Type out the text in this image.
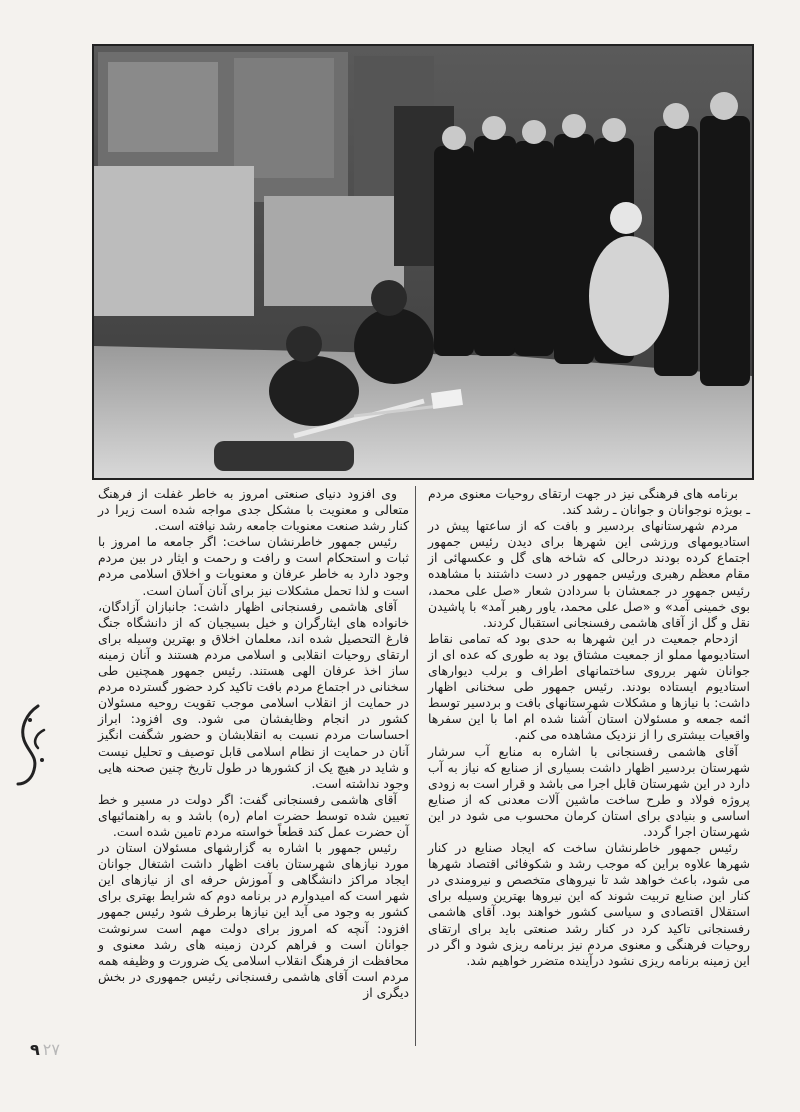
برنامه های فرهنگی نیز در جهت ارتقای روحیات معنوی مردم ـ بویژه نوجوانان و جوانان ـ رشد کند.

مردم شهرستانهای بردسیر و بافت که از ساعتها پیش در استادیومهای ورزشی این شهرها برای دیدن رئیس جمهور اجتماع کرده بودند درحالی که شاخه های گل و عکسهائی از مقام معظم رهبری ورئیس جمهور در دست داشتند با مشاهده رئیس جمهور در جمعشان با سردادن شعار «صل علی محمد، بوی خمینی آمد» و «صل علی محمد، یاور رهبر آمد» با پاشیدن نقل و گل از آقای هاشمی رفسنجانی استقبال کردند.

ازدحام جمعیت در این شهرها به حدی بود که تمامی نقاط استادیومها مملو از جمعیت مشتاق بود به طوری که عده ای از جوانان شهر برروی ساختمانهای اطراف و برلب دیوارهای استادیوم ایستاده بودند. رئیس جمهور طی سخنانی اظهار داشت: با نیازها و مشکلات شهرستانهای بافت و بردسیر توسط ائمه جمعه و مسئولان استان آشنا شده ام اما با این سفرها واقعیات بیشتری را از نزدیک مشاهده می کنم.

آقای هاشمی رفسنجانی با اشاره به منابع آب سرشار شهرستان بردسیر اظهار داشت بسیاری از صنایع که نیاز به آب دارد در این شهرستان قابل اجرا می باشد و قرار است به زودی پروژه فولاد و طرح ساخت ماشین آلات معدنی که از صنایع اساسی و بنیادی برای استان کرمان محسوب می شود در این شهرستان اجرا گردد.

رئیس جمهور خاطرنشان ساخت که ایجاد صنایع در کنار شهرها علاوه براین که موجب رشد و شکوفائی اقتصاد شهرها می شود، باعث خواهد شد تا نیروهای متخصص و نیرومندی در کنار این صنایع تربیت شوند که این نیروها بهترین وسیله برای استقلال اقتصادی و سیاسی کشور خواهند بود. آقای هاشمی رفسنجانی تاکید کرد در کنار رشد صنعتی باید برای ارتقای روحیات فرهنگی و معنوی مردم نیز برنامه ریزی شود و اگر در این زمینه برنامه ریزی نشود درآینده متضرر خواهیم شد.

وی افزود دنیای صنعتی امروز به خاطر غفلت از فرهنگ متعالی و معنویت با مشکل جدی مواجه شده است زیرا در کنار رشد صنعت معنویات جامعه رشد نیافته است.

رئیس جمهور خاطرنشان ساخت: اگر جامعه ما امروز با ثبات و استحکام است و رافت و رحمت و ایثار در بین مردم وجود دارد به خاطر عرفان و معنویات و اخلاق اسلامی مردم است و لذا تحمل مشکلات نیز برای آنان آسان است.

آقای هاشمی رفسنجانی اظهار داشت: جانبازان آزادگان، خانواده های ایثارگران و خیل بسیجیان که از دانشگاه جنگ فارغ التحصیل شده اند، معلمان اخلاق و بهترین وسیله برای ارتقای روحیات انقلابی و اسلامی مردم هستند و آنان زمینه ساز اخذ عرفان الهی هستند. رئیس جمهور همچنین طی سخنانی در اجتماع مردم بافت تاکید کرد حضور گسترده مردم در حمایت از انقلاب اسلامی موجب تقویت روحیه مسئولان کشور در انجام وظایفشان می شود. وی افزود: ابراز احساسات مردم نسبت به انقلابشان و حضور شگفت انگیز آنان در حمایت از نظام اسلامی قابل توصیف و تحلیل نیست و شاید در هیچ یک از کشورها در طول تاریخ چنین صحنه هایی وجود نداشته است.

آقای هاشمی رفسنجانی گفت: اگر دولت در مسیر و خط تعیین شده توسط حضرت امام (ره) باشد و به راهنمائیهای آن حضرت عمل کند قطعاً خواسته مردم تامین شده است.

رئیس جمهور با اشاره به گزارشهای مسئولان استان در مورد نیازهای شهرستان بافت اظهار داشت اشتغال جوانان ایجاد مراکز دانشگاهی و آموزش حرفه ای از نیازهای این شهر است که امیدوارم در برنامه دوم که شرایط بهتری برای کشور به وجود می آید این نیازها برطرف شود رئیس جمهور افزود: آنچه که امروز برای دولت مهم است سرنوشت جوانان است و فراهم کردن زمینه های رشد معنوی و محافظت از فرهنگ انقلاب اسلامی یک ضرورت و وظیفه همه مردم است آقای هاشمی رفسنجانی رئیس جمهوری در بخش دیگری از

۹ ۲۷
